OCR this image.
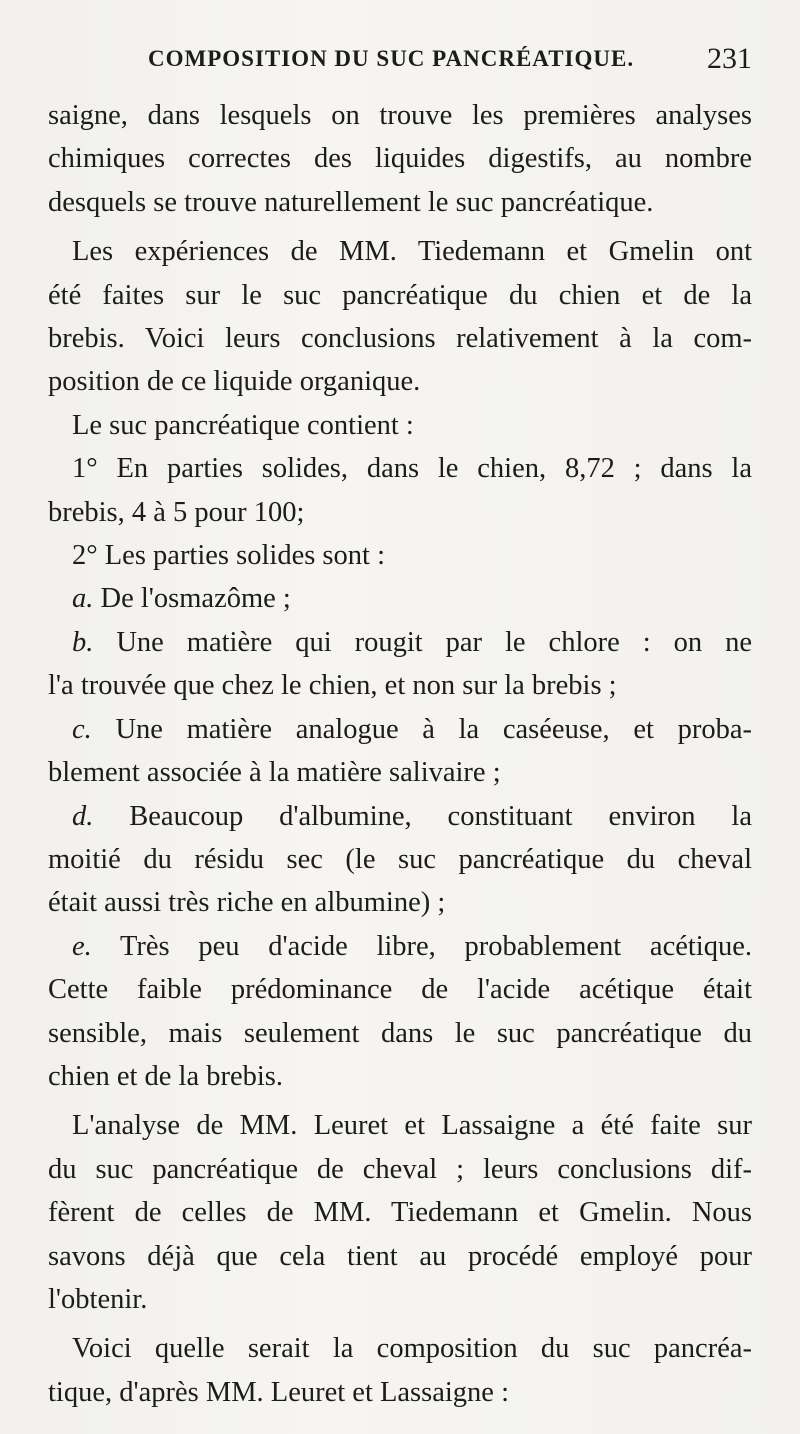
COMPOSITION DU SUC PANCRÉATIQUE. 231

saigne, dans lesquels on trouve les premières analyses

chimiques correctes des liquides digestifs, au nombre

desquels se trouve naturellement le suc pancréatique.

Les expériences de MM. Tiedemann et Gmelin ont

été faites sur le suc pancréatique du chien et de la

brebis. Voici leurs conclusions relativement à la com-

position de ce liquide organique.

Le suc pancréatique contient :

1° En parties solides, dans le chien, 8,72 ; dans la

brebis, 4 à 5 pour 100;

2° Les parties solides sont :

a. De l'osmazôme ;

b. Une matière qui rougit par le chlore : on ne

l'a trouvée que chez le chien, et non sur la brebis ;

c. Une matière analogue à la caséeuse, et proba-

blement associée à la matière salivaire ;

d. Beaucoup d'albumine, constituant environ la

moitié du résidu sec (le suc pancréatique du cheval

était aussi très riche en albumine) ;

e. Très peu d'acide libre, probablement acétique.

Cette faible prédominance de l'acide acétique était

sensible, mais seulement dans le suc pancréatique du

chien et de la brebis.

L'analyse de MM. Leuret et Lassaigne a été faite sur

du suc pancréatique de cheval ; leurs conclusions dif-

fèrent de celles de MM. Tiedemann et Gmelin. Nous

savons déjà que cela tient au procédé employé pour

l'obtenir.

Voici quelle serait la composition du suc pancréa-

tique, d'après MM. Leuret et Lassaigne :
